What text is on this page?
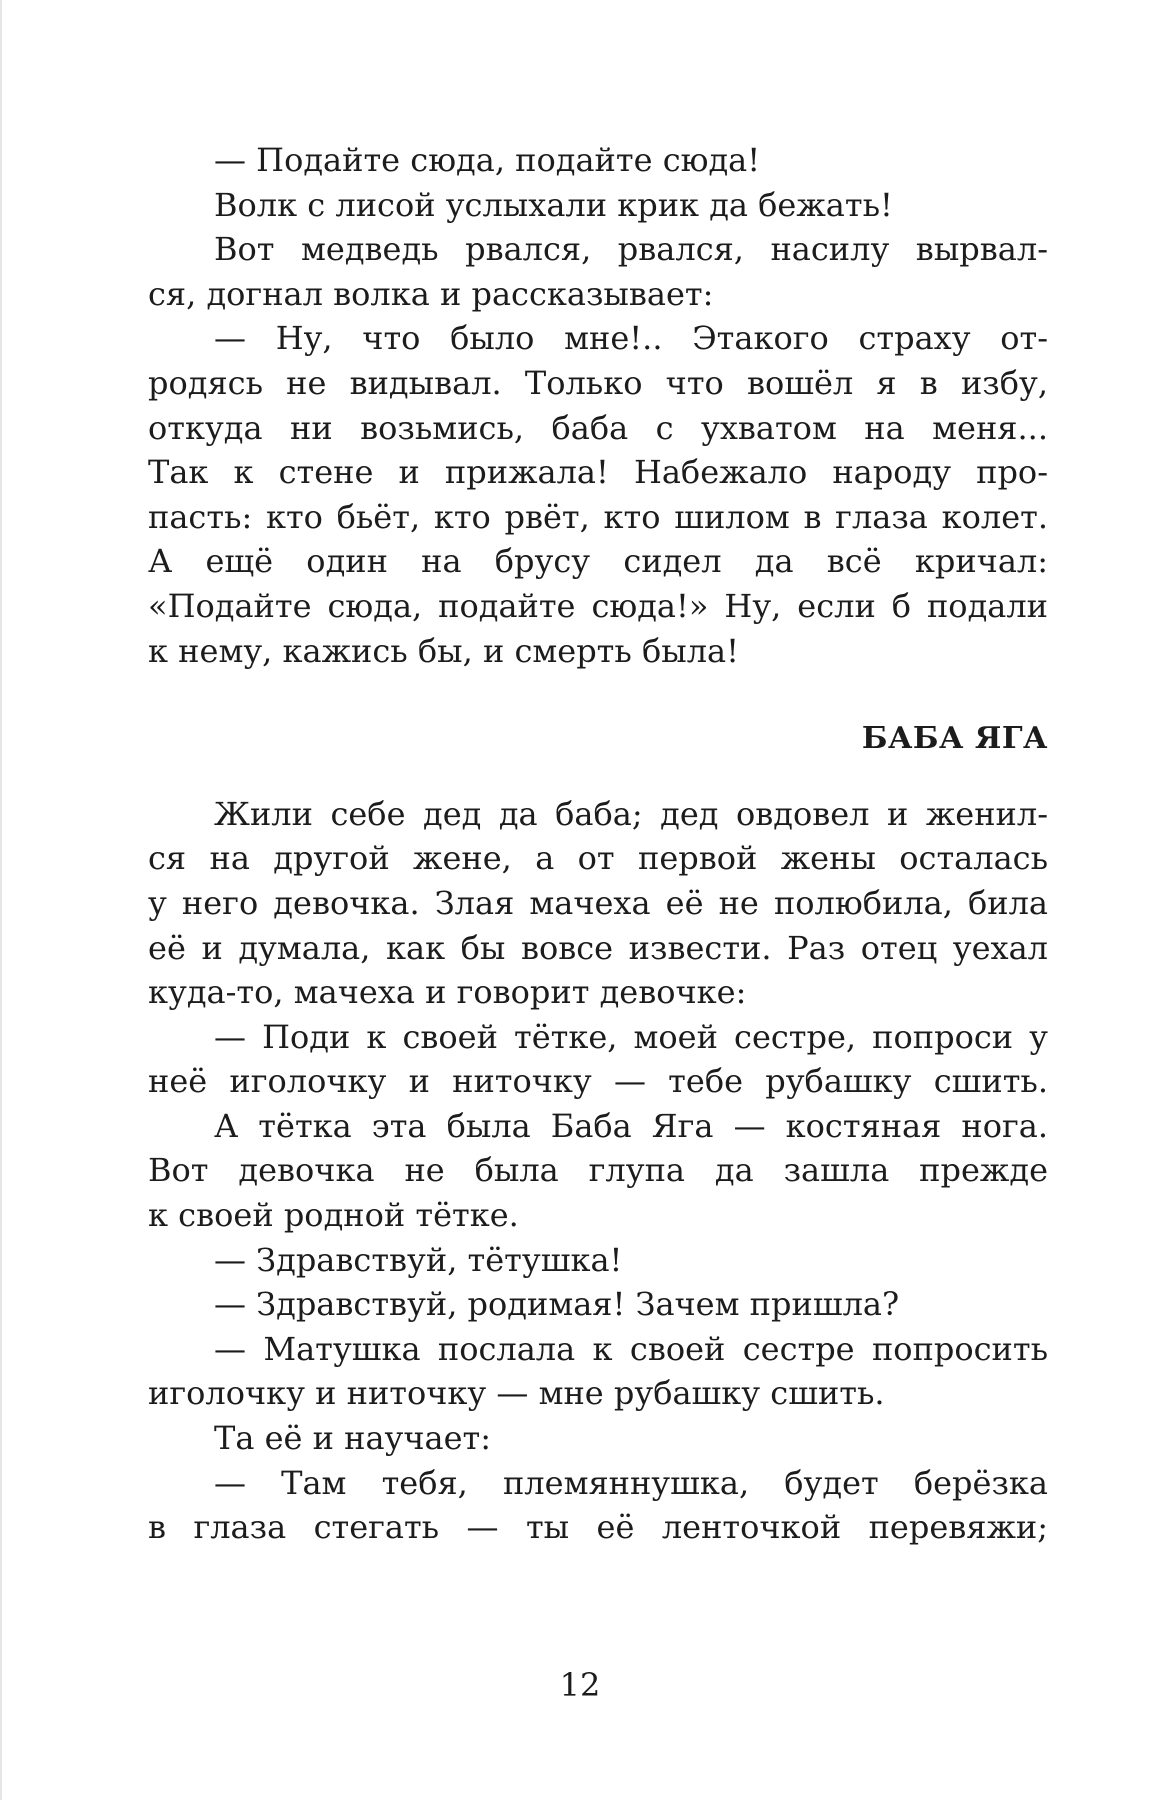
— Подайте сюда, подайте сюда!
Волк с лисой услыхали крик да бежать!
Вот медведь рвался, рвался, насилу вырвал-
ся, догнал волка и рассказывает:
— Ну, что было мне!.. Этакого страху от-
родясь не видывал. Только что вошёл я в избу,
откуда ни возьмись, баба с ухватом на меня...
Так к стене и прижала! Набежало народу про-
пасть: кто бьёт, кто рвёт, кто шилом в глаза колет.
А ещё один на брусу сидел да всё кричал:
«Подайте сюда, подайте сюда!» Ну, если б подали
к нему, кажись бы, и смерть была!
БАБА ЯГА
Жили себе дед да баба; дед овдовел и женил-
ся на другой жене, а от первой жены осталась
у него девочка. Злая мачеха её не полюбила, била
её и думала, как бы вовсе извести. Раз отец уехал
куда-то, мачеха и говорит девочке:
— Поди к своей тётке, моей сестре, попроси у
неё иголочку и ниточку — тебе рубашку сшить.
А тётка эта была Баба Яга — костяная нога.
Вот девочка не была глупа да зашла прежде
к своей родной тётке.
— Здравствуй, тётушка!
— Здравствуй, родимая! Зачем пришла?
— Матушка послала к своей сестре попросить
иголочку и ниточку — мне рубашку сшить.
Та её и научает:
— Там тебя, племяннушка, будет берёзка
в глаза стегать — ты её ленточкой перевяжи;
12
